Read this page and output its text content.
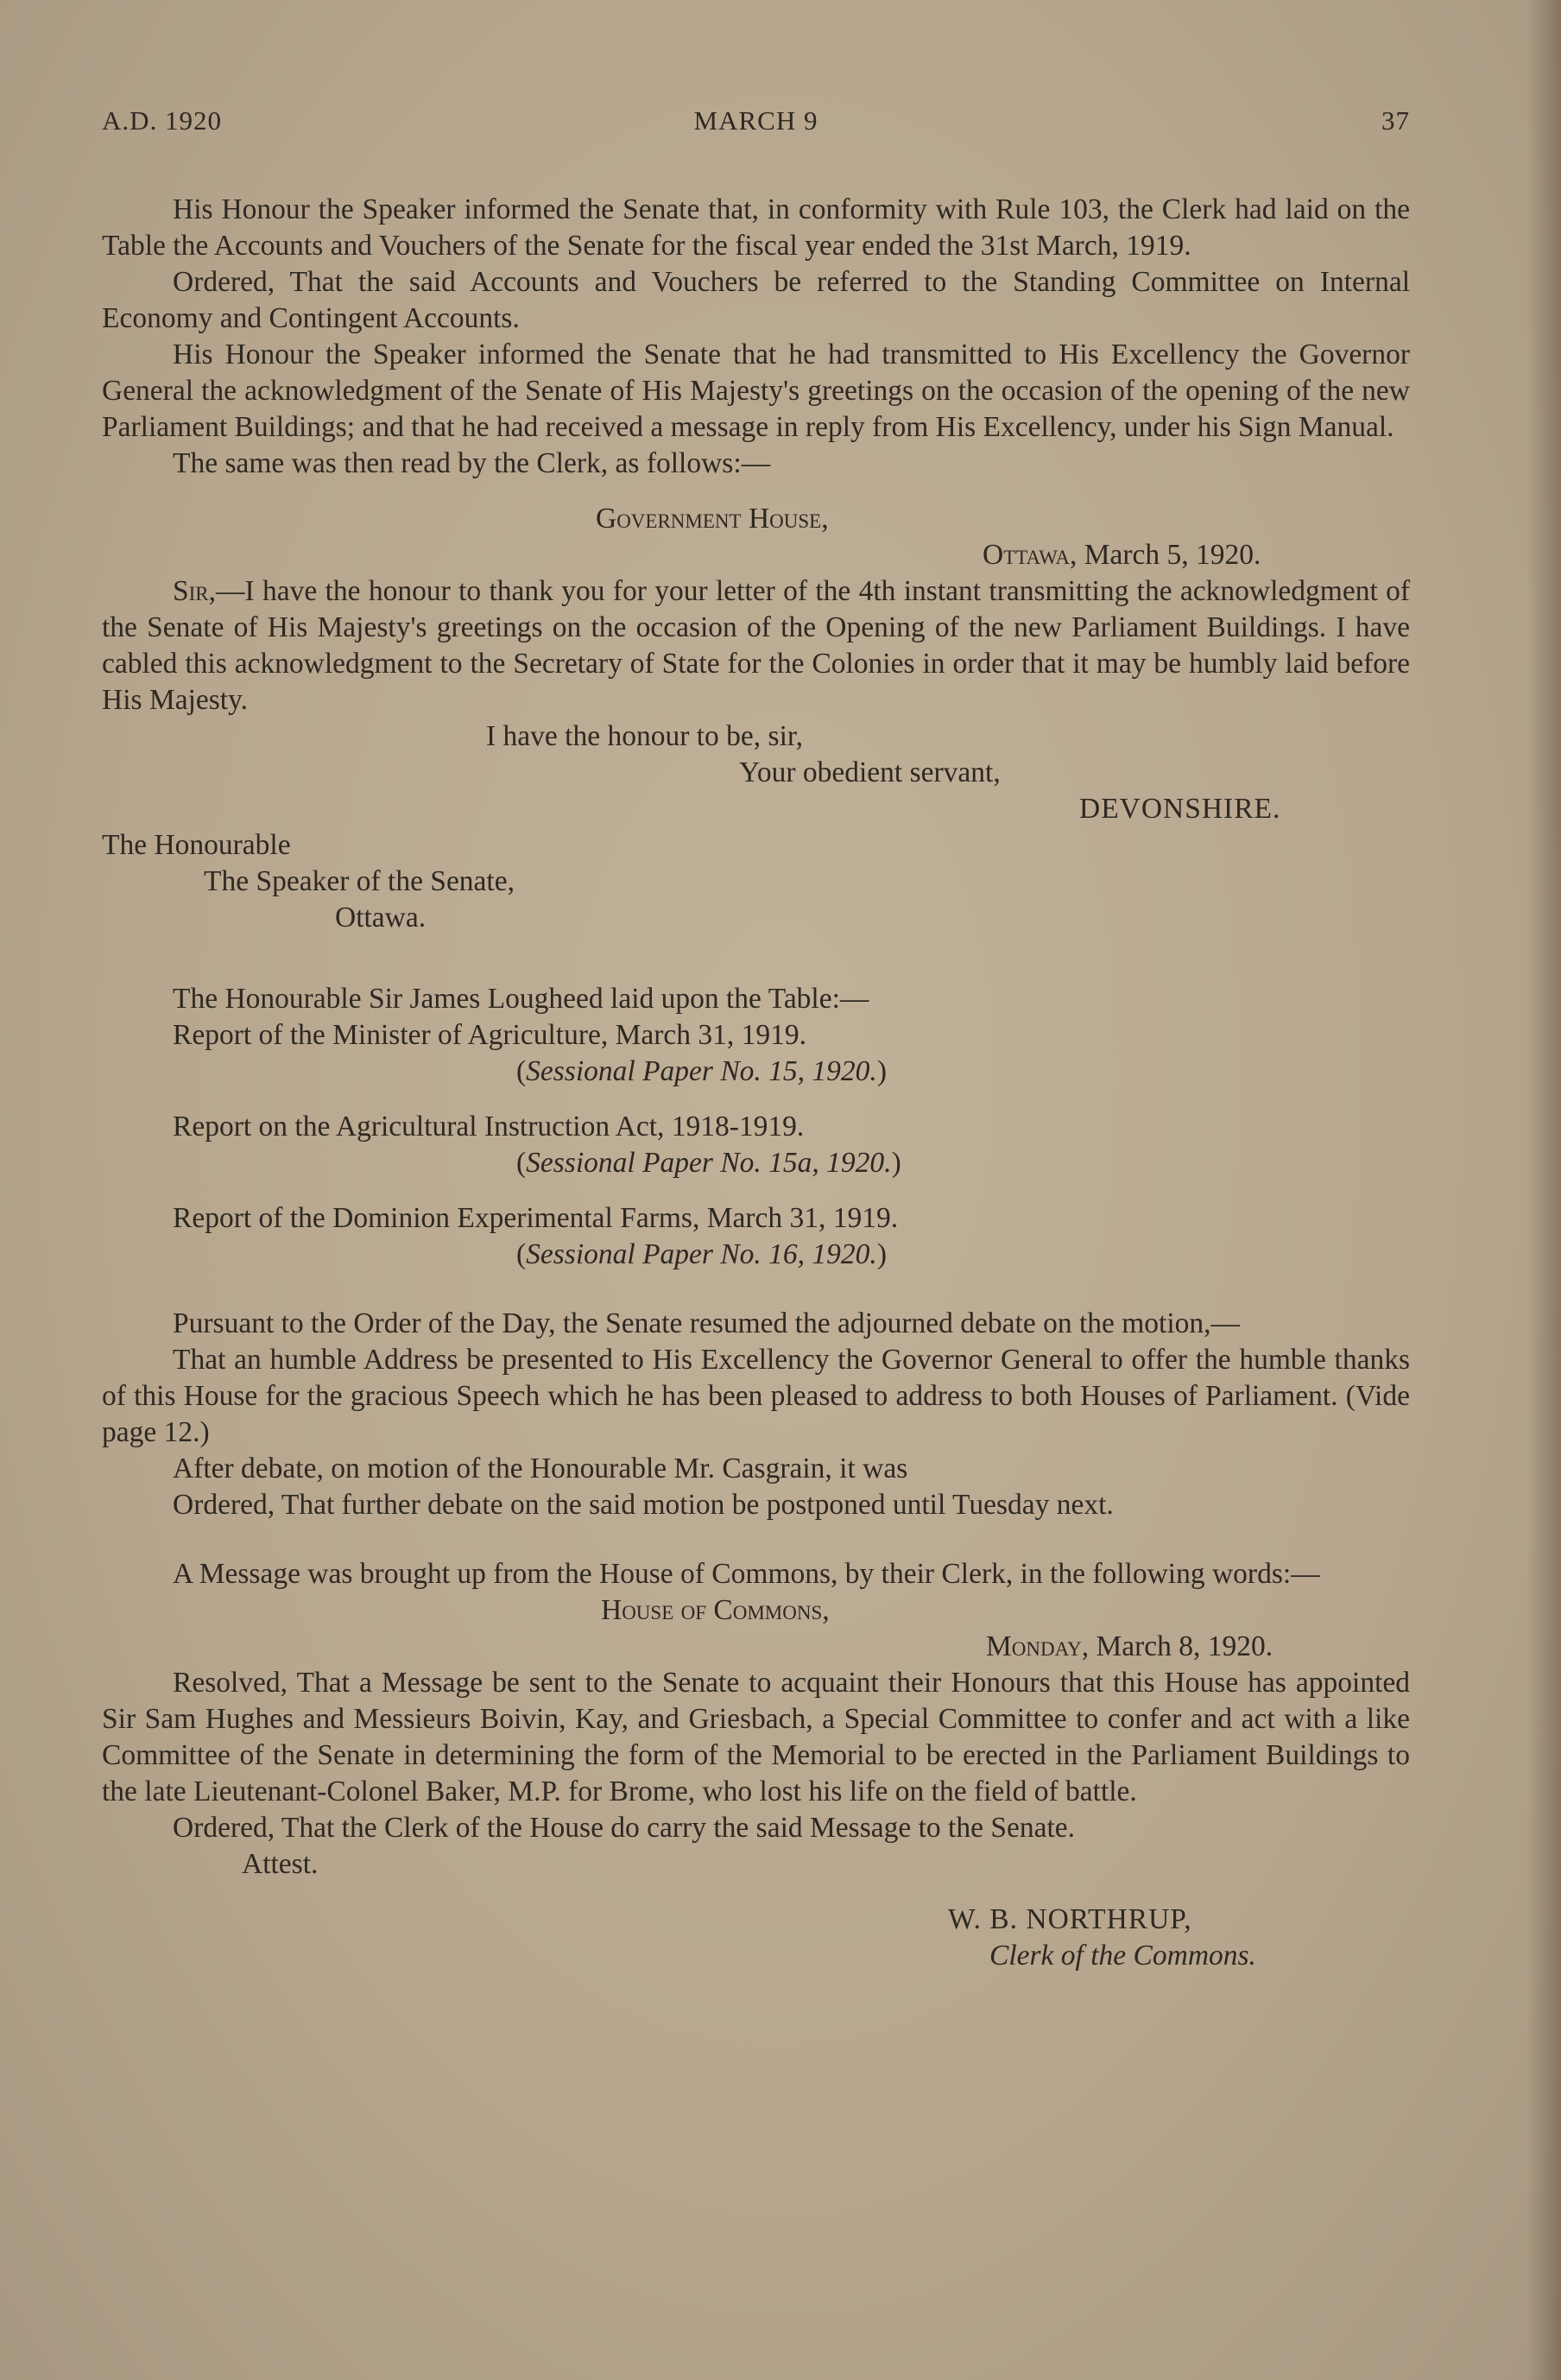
A.D. 1920	MARCH 9	37

His Honour the Speaker informed the Senate that, in conformity with Rule 103, the Clerk had laid on the Table the Accounts and Vouchers of the Senate for the fiscal year ended the 31st March, 1919.

Ordered, That the said Accounts and Vouchers be referred to the Standing Committee on Internal Economy and Contingent Accounts.

His Honour the Speaker informed the Senate that he had transmitted to His Excellency the Governor General the acknowledgment of the Senate of His Majesty's greetings on the occasion of the opening of the new Parliament Buildings; and that he had received a message in reply from His Excellency, under his Sign Manual.

The same was then read by the Clerk, as follows:—

Government House,

Ottawa, March 5, 1920.

Sir,—I have the honour to thank you for your letter of the 4th instant transmitting the acknowledgment of the Senate of His Majesty's greetings on the occasion of the Opening of the new Parliament Buildings. I have cabled this acknowledgment to the Secretary of State for the Colonies in order that it may be humbly laid before His Majesty.

I have the honour to be, sir,

Your obedient servant,

DEVONSHIRE.

The Honourable

The Speaker of the Senate,

Ottawa.

The Honourable Sir James Lougheed laid upon the Table:—

Report of the Minister of Agriculture, March 31, 1919.

(Sessional Paper No. 15, 1920.)

Report on the Agricultural Instruction Act, 1918-1919.

(Sessional Paper No. 15a, 1920.)

Report of the Dominion Experimental Farms, March 31, 1919.

(Sessional Paper No. 16, 1920.)

Pursuant to the Order of the Day, the Senate resumed the adjourned debate on the motion,—

That an humble Address be presented to His Excellency the Governor General to offer the humble thanks of this House for the gracious Speech which he has been pleased to address to both Houses of Parliament. (Vide page 12.)

After debate, on motion of the Honourable Mr. Casgrain, it was

Ordered, That further debate on the said motion be postponed until Tuesday next.

A Message was brought up from the House of Commons, by their Clerk, in the following words:—

House of Commons,

Monday, March 8, 1920.

Resolved, That a Message be sent to the Senate to acquaint their Honours that this House has appointed Sir Sam Hughes and Messieurs Boivin, Kay, and Griesbach, a Special Committee to confer and act with a like Committee of the Senate in determining the form of the Memorial to be erected in the Parliament Buildings to the late Lieutenant-Colonel Baker, M.P. for Brome, who lost his life on the field of battle.

Ordered, That the Clerk of the House do carry the said Message to the Senate.

Attest.

W. B. NORTHRUP,

Clerk of the Commons.
